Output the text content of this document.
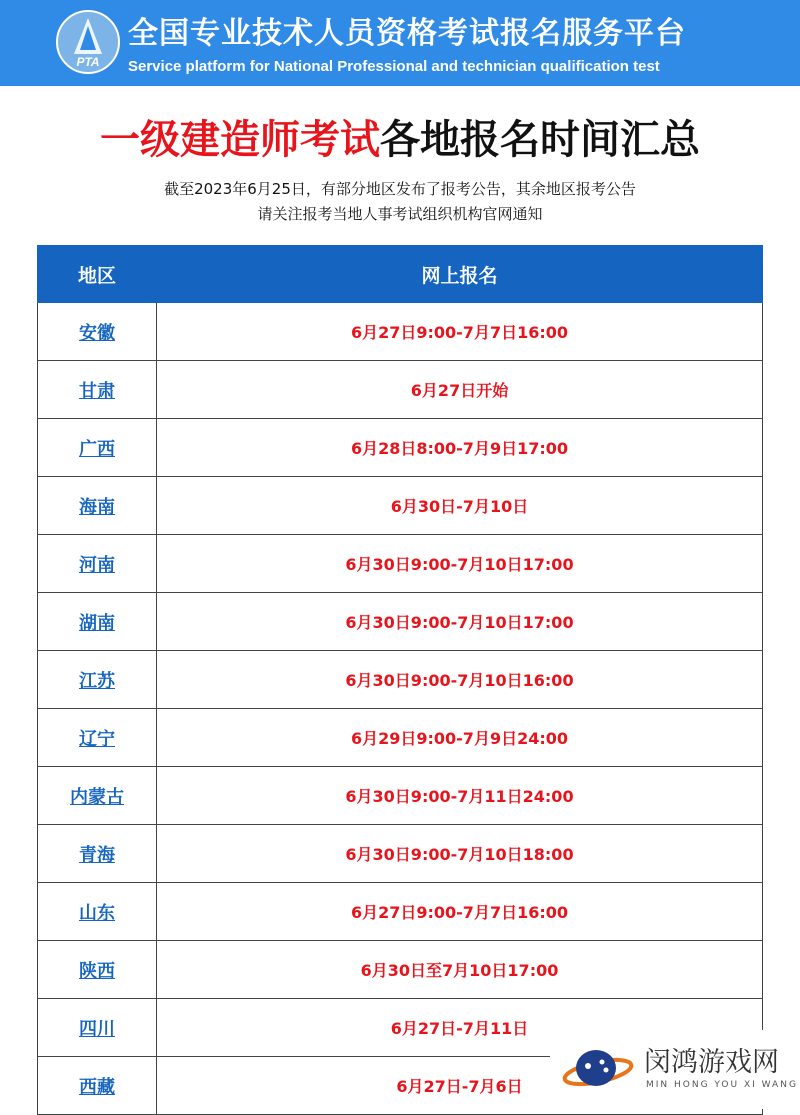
PTA
全国专业技术人员资格考试报名服务平台
Service platform for National Professional and technician qualification test
一级建造师考试各地报名时间汇总
截至2023年6月25日，有部分地区发布了报考公告，其余地区报考公告
请关注报考当地人事考试组织机构官网通知
地区	网上报名
安徽	6月27日9:00-7月7日16:00
甘肃	6月27日开始
广西	6月28日8:00-7月9日17:00
海南	6月30日-7月10日
河南	6月30日9:00-7月10日17:00
湖南	6月30日9:00-7月10日17:00
江苏	6月30日9:00-7月10日16:00
辽宁	6月29日9:00-7月9日24:00
内蒙古	6月30日9:00-7月11日24:00
青海	6月30日9:00-7月10日18:00
山东	6月27日9:00-7月7日16:00
陕西	6月30日至7月10日17:00
四川	6月27日-7月11日
西藏	6月27日-7月6日
闵鸿游戏网
MIN HONG YOU XI WANG
